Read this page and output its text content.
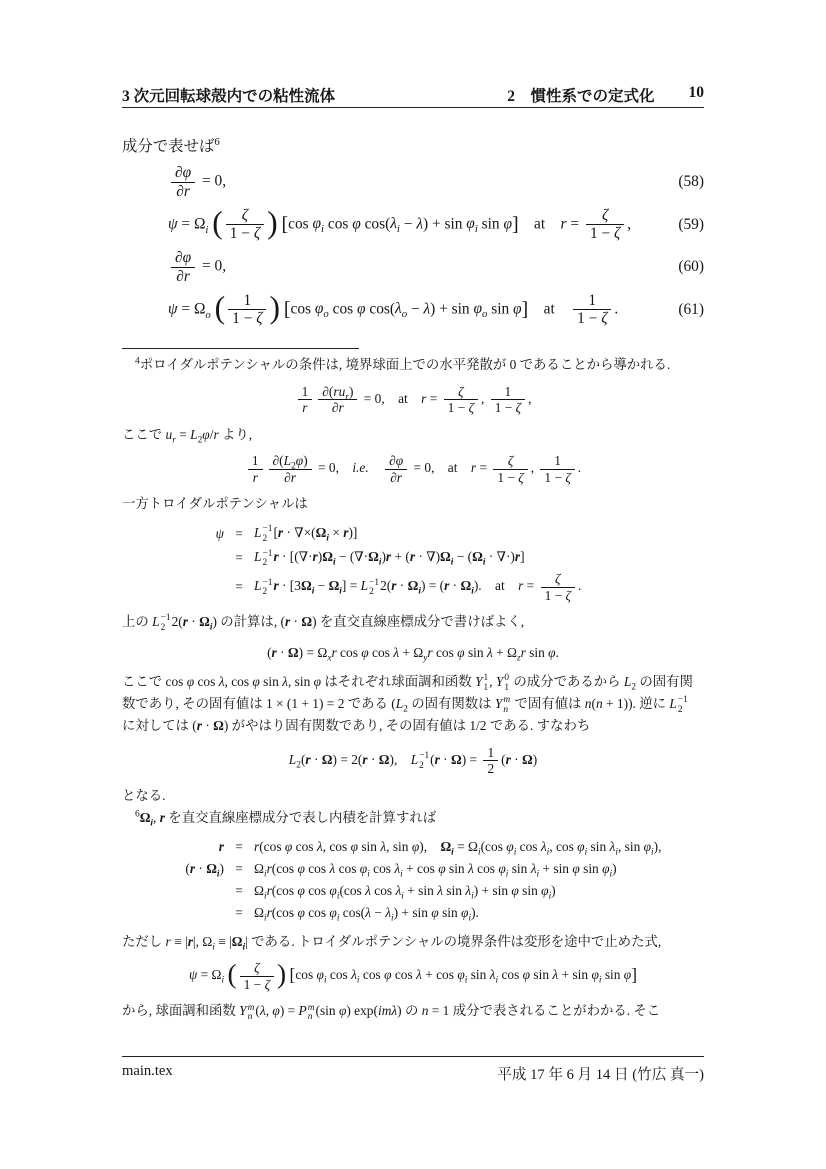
3 次元回転球殻内での粘性流体	2　慣性系での定式化 10

成分で表せば$^6$

$\frac{\partial\varphi}{\partial r} = 0$,	(58)
$\psi = \Omega_i$ ( $\frac{\zeta}{1 - \zeta}$ ) [cos $\varphi_i$ cos φ $\cos(\lambda_i - \lambda) + \sin \varphi_i$ sin φ] at $r = \frac{\zeta}{1 - \zeta}$ ,	(59)
$\frac{\partial\varphi}{\partial r} = 0$,	(60)
$\psi = \Omega_o$ ( $\frac{1}{1 - \zeta}$ ) [cos $\varphi_o$ cos φ $\cos(\lambda_o - \lambda) + \sin \varphi_o$ sin φ] at  $\frac{1}{1 - \zeta}$ .	(61)

$^4$ポロイダルポテンシャルの条件は, 境界球面上での水平発散が 0 であることから導かれる.

$\frac{1}{r} \frac{\partial(ru_r)}{\partial r} = 0$, at $r = \frac{\zeta}{1 - \zeta}$ , $\frac{1}{1 - \zeta}$ ,

ここで $u_r = L_2\varphi/r$ より,

$\frac{1}{r} \frac{\partial(L_2\varphi)}{\partial r} = 0$, i.e.  $\frac{\partial\varphi}{\partial r} = 0$, at $r = \frac{\zeta}{1 - \zeta}$ , $\frac{1}{1 - \zeta}$ .

一方トロイダルポテンシャルは

ψ = L −1
2 $[r \cdot \nabla\times(\Omega_i \times r)]$
= L −1
2 $r \cdot [(\nabla\cdot r)\Omega_i - (\nabla\cdot\Omega_i)r + (r \cdot \nabla)\Omega_i - (\Omega_i \cdot \nabla\cdot)r]$
= L −1
2 $r \cdot [3\Omega_i - \Omega_i] = L -1$
2 $2(r \cdot \Omega_i) = (r \cdot \Omega_i)$. at $r = \frac{\zeta}{1 - \zeta}$ .

上の L −1
2 $2(r \cdot \Omega_i)$ の計算は, (r · Ω) を直交直線座標成分で書けばよく,

$(r \cdot \Omega) = \Omega_xr$ cos φ $\cos \lambda + \Omega_yr$ cos φ $\sin \lambda + \Omega_zr$ sin φ.

ここで cos φ cos λ, cos φ sin λ, sin φ はそれぞれ球面調和函数 Y 1
1 , Y 0
1 の成分であるから $L_2$ の固有関数であり, その固有値は 1 × (1 + 1) = 2 である ($L_2$ の固有関数は Y m
n で固有値は n(n + 1)). 逆に L −1
2
に対しては (r · Ω) がやはり固有関数であり, その固有値は 1/2 である. すなわち

$L_2(r \cdot \Omega) = 2(r \cdot \Omega)$, L −1
2 $(r \cdot \Omega) = \frac{1}{2} (r \cdot \Omega)$

となる.

$^6\Omega_i$, r を直交直線座標成分で表し内積を計算すれば

r = r(cos φ cos λ, cos φ sin λ, sin φ), $\Omega_i = \Omega_i(\cos$ $\varphi_i$ $\cos \lambda_i$, $\cos \varphi_i$ $\sin \lambda_i$, $\sin \varphi_i$),
$(r \cdot \Omega_i) = \Omega_ir(\cos$ φ cos λ $\cos \varphi_i$ $\cos \lambda_i + \cos \varphi$ sin λ $\cos \varphi_i$ $\sin \lambda_i + \sin \varphi$ $\sin \varphi_i$)
= $\Omega_ir(\cos$ φ $\cos \varphi_i(\cos$ λ $\cos \lambda_i + \sin \lambda$ $\sin \lambda_i) + \sin \varphi$ $\sin \varphi_i$)
= $\Omega_ir(\cos$ φ $\cos \varphi_i$ $\cos(\lambda - \lambda_i) + \sin \varphi$ $\sin \varphi_i$).

ただし r ≡ |r|, $\Omega_i \equiv |\Omega_i|$ である. トロイダルポテンシャルの境界条件は変形を途中で止めた式,

$\psi = \Omega_i$ ( $\frac{\zeta}{1 - \zeta}$ ) [cos $\varphi_i$ $\cos \lambda_i$ cos φ $\cos \lambda + \cos \varphi_i$ $\sin \lambda_i$ cos φ $\sin \lambda + \sin \varphi_i$ sin φ]

から, 球面調和函数 Y m
n (λ, φ) = P m
n (sin φ) exp(imλ) の n = 1 成分で表されることがわかる. そこ

main.tex	平成 17 年 6 月 14 日 (竹広 真一)
